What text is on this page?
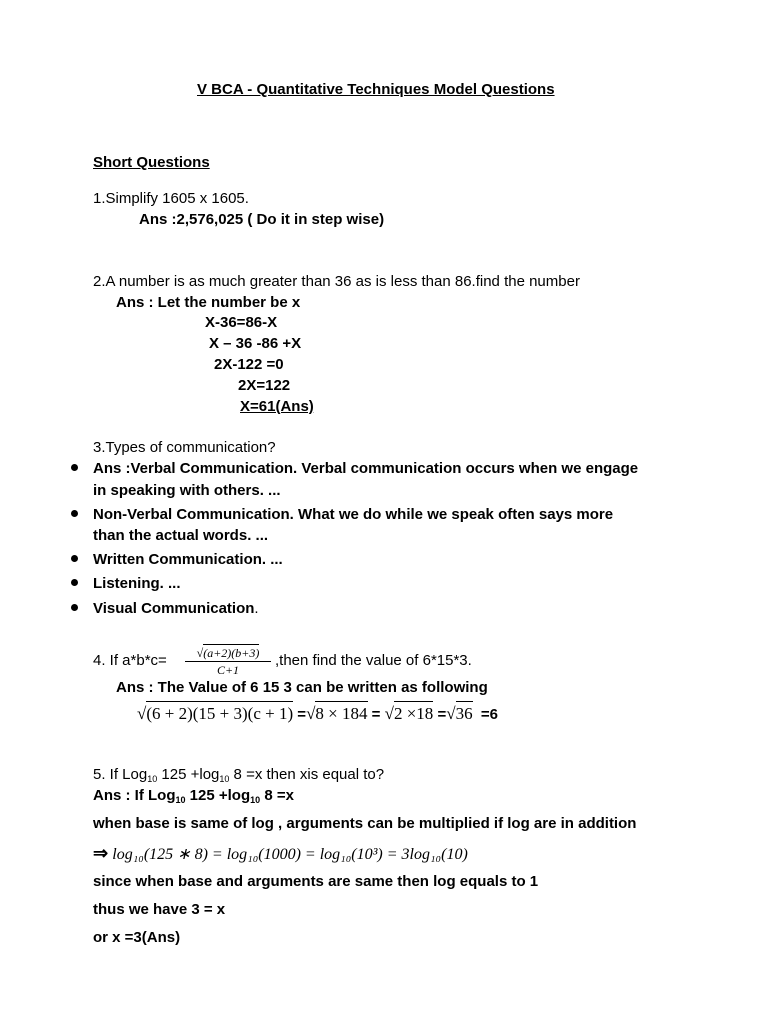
V BCA - Quantitative Techniques Model Questions
Short Questions
1.Simplify 1605 x 1605.
Ans :2,576,025 ( Do it in step wise)
2.A number is as much greater than 36 as is less than 86.find the number
Ans : Let the number be x
X-36=86-X
X – 36 -86 +X
2X-122 =0
2X=122
X=61(Ans)
3.Types of communication?
Ans :Verbal Communication. Verbal communication occurs when we engage
in speaking with others. ...
Non-Verbal Communication. What we do while we speak often says more
than the actual words. ...
Written Communication. ...
Listening. ...
Visual Communication.
4. If a*b*c=	√(a+2)(b+3)
C+1
,then find the value of 6*15*3.
Ans : The Value of 6 15 3 can be written as following
√(6 + 2)(15 + 3)(c + 1) =√8 × 184 = √2 ×18 =√36 =6
5. If Log$_{10}$ $125 +\log_{10}$ 8 =x then xis equal to?
Ans : If Log$_{10}$ $125 +\log_{10}$ 8 =x
when base is same of log , arguments can be multiplied if log are in addition
⇒ log₁₀(125 ∗ 8) = log₁₀(1000) = log₁₀(10³) = 3log₁₀(10)
since when base and arguments are same then log equals to 1
thus we have 3 = x
or x =3(Ans)
